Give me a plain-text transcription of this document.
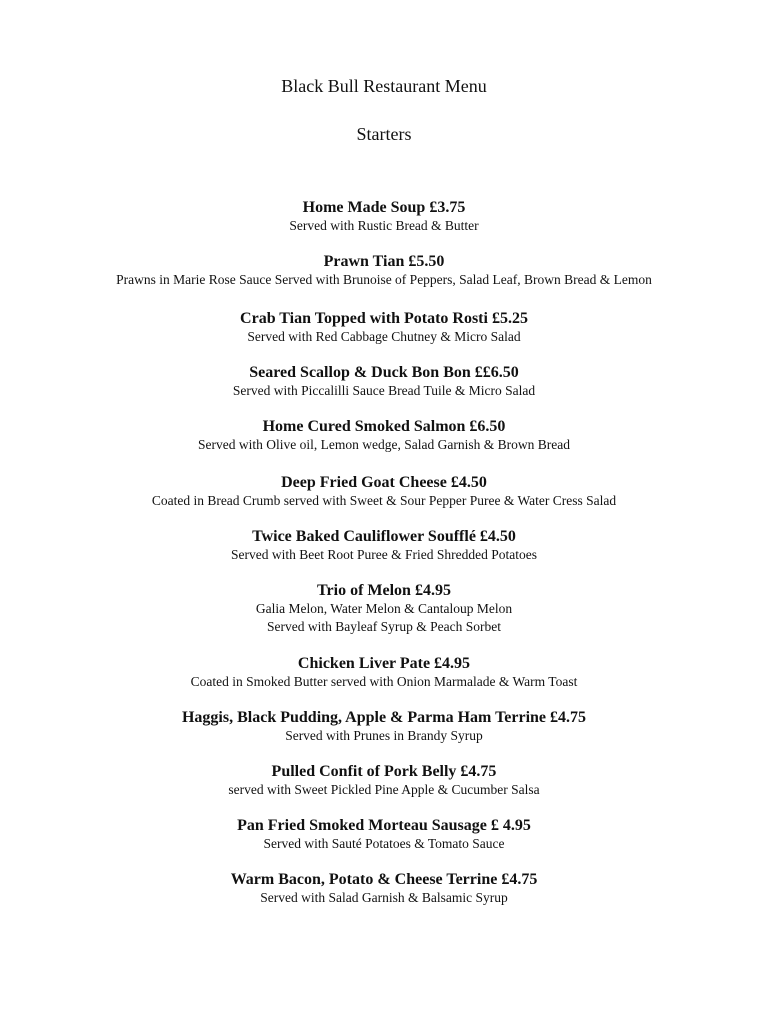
Black Bull Restaurant Menu
Starters

Home Made Soup £3.75

Served with Rustic Bread & Butter

Prawn Tian £5.50

Prawns in Marie Rose Sauce Served with Brunoise of Peppers, Salad Leaf, Brown Bread & Lemon

Crab Tian Topped with Potato Rosti £5.25

Served with Red Cabbage Chutney & Micro Salad

Seared Scallop & Duck Bon Bon ££6.50

Served with Piccalilli Sauce Bread Tuile & Micro Salad

Home Cured Smoked Salmon £6.50

Served with Olive oil, Lemon wedge, Salad Garnish & Brown Bread

Deep Fried Goat Cheese £4.50

Coated in Bread Crumb served with Sweet & Sour Pepper Puree & Water Cress Salad

Twice Baked Cauliflower Soufflé £4.50

Served with Beet Root Puree & Fried Shredded Potatoes

Trio of Melon £4.95

Galia Melon, Water Melon & Cantaloup Melon

Served with Bayleaf Syrup & Peach Sorbet

Chicken Liver Pate £4.95

Coated in Smoked Butter served with Onion Marmalade & Warm Toast

Haggis, Black Pudding, Apple & Parma Ham Terrine £4.75

Served with Prunes in Brandy Syrup

Pulled Confit of Pork Belly £4.75

served with Sweet Pickled Pine Apple & Cucumber Salsa

Pan Fried Smoked Morteau Sausage £ 4.95

Served with Sauté Potatoes & Tomato Sauce

Warm Bacon, Potato & Cheese Terrine £4.75

Served with Salad Garnish & Balsamic Syrup
